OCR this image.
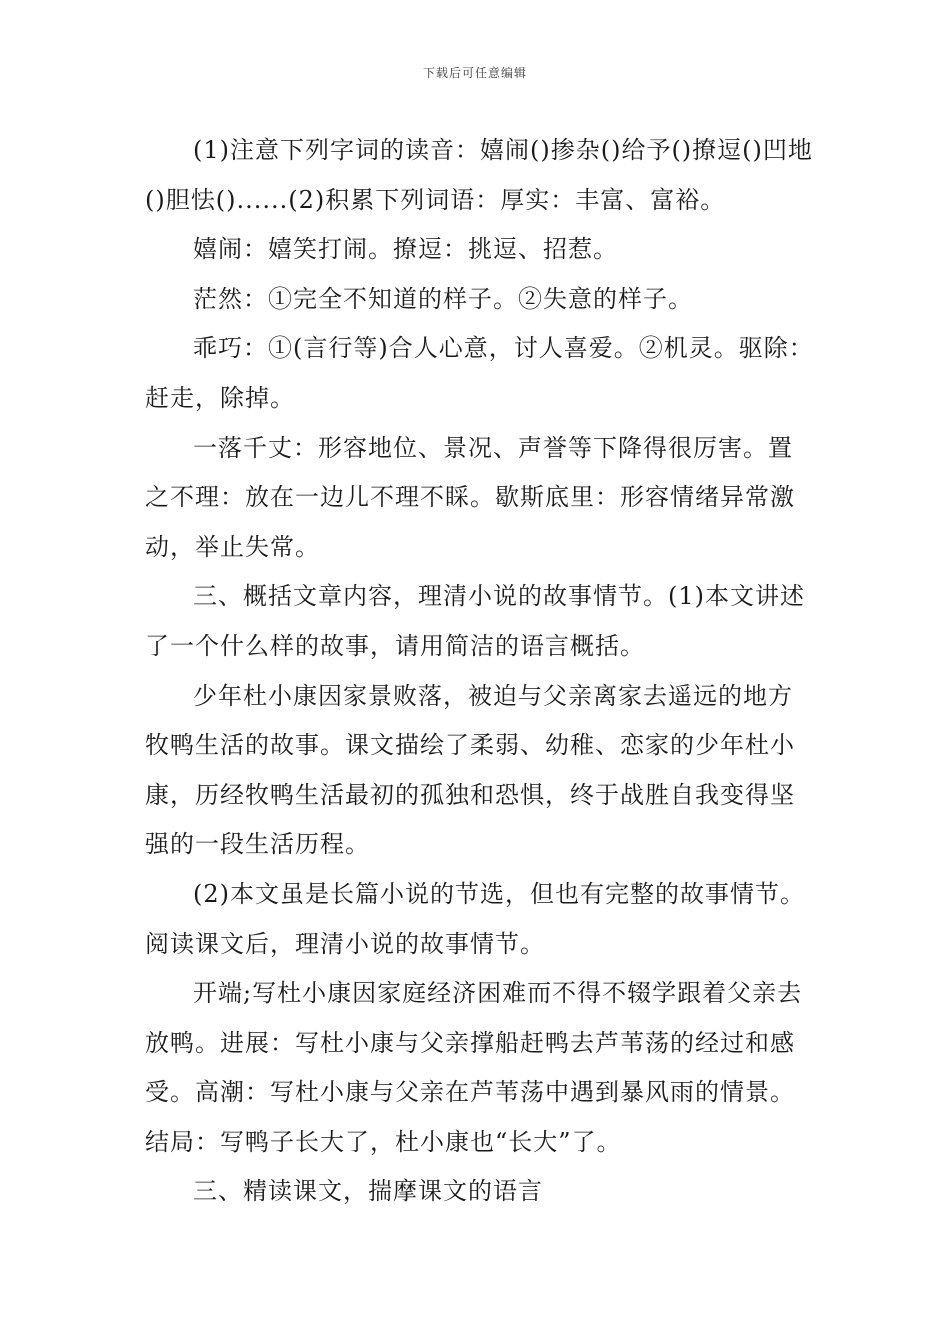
下载后可任意编辑

(1)注意下列字词的读音：嬉闹()掺杂()给予()撩逗()凹地()胆怯()......(2)积累下列词语：厚实：丰富、富裕。

嬉闹：嬉笑打闹。撩逗：挑逗、招惹。

茫然：①完全不知道的样子。②失意的样子。

乖巧：①(言行等)合人心意，讨人喜爱。②机灵。驱除：赶走，除掉。

一落千丈：形容地位、景况、声誉等下降得很厉害。置之不理：放在一边儿不理不睬。歇斯底里：形容情绪异常激动，举止失常。

三、概括文章内容，理清小说的故事情节。(1)本文讲述了一个什么样的故事，请用简洁的语言概括。

少年杜小康因家景败落，被迫与父亲离家去遥远的地方牧鸭生活的故事。课文描绘了柔弱、幼稚、恋家的少年杜小康，历经牧鸭生活最初的孤独和恐惧，终于战胜自我变得坚强的一段生活历程。

(2)本文虽是长篇小说的节选，但也有完整的故事情节。阅读课文后，理清小说的故事情节。

开端;写杜小康因家庭经济困难而不得不辍学跟着父亲去放鸭。进展：写杜小康与父亲撑船赶鸭去芦苇荡的经过和感受。高潮：写杜小康与父亲在芦苇荡中遇到暴风雨的情景。结局：写鸭子长大了，杜小康也“长大”了。

三、精读课文，揣摩课文的语言
